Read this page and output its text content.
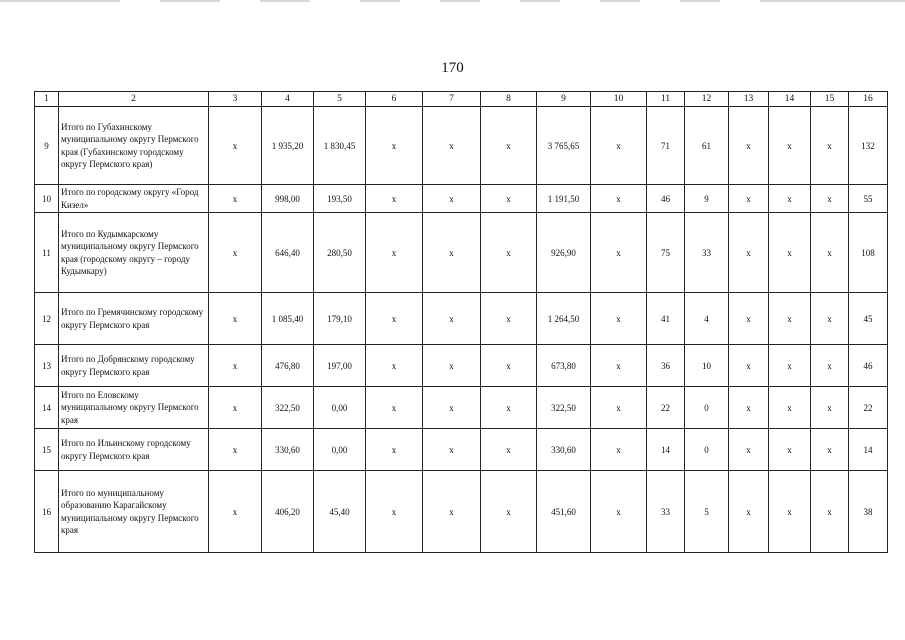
170
1	2	3	4	5	6	7	8	9	10	11	12	13	14	15	16
9	Итого по Губахинскому муниципальному округу Пермского края (Губахинскому городскому округу Пермского края)	x	1 935,20	1 830,45	x	x	x	3 765,65	x	71	61	x	x	x	132
10	Итого по городскому округу «Город Кизел»	x	998,00	193,50	x	x	x	1 191,50	x	46	9	x	x	x	55
11	Итого по Кудымкарскому муниципальному округу Пермского края (городскому округу – городу Кудымкару)	x	646,40	280,50	x	x	x	926,90	x	75	33	x	x	x	108
12	Итого по Гремячинскому городскому округу Пермского края	x	1 085,40	179,10	x	x	x	1 264,50	x	41	4	x	x	x	45
13	Итого по Добрянскому городскому округу Пермского края	x	476,80	197,00	x	x	x	673,80	x	36	10	x	x	x	46
14	Итого по Еловскому муниципальному округу Пермского края	x	322,50	0,00	x	x	x	322,50	x	22	0	x	x	x	22
15	Итого по Ильинскому городскому округу Пермского края	x	330,60	0,00	x	x	x	330,60	x	14	0	x	x	x	14
16	Итого по муниципальному образованию Карагайскому муниципальному округу Пермского края	x	406,20	45,40	x	x	x	451,60	x	33	5	x	x	x	38
